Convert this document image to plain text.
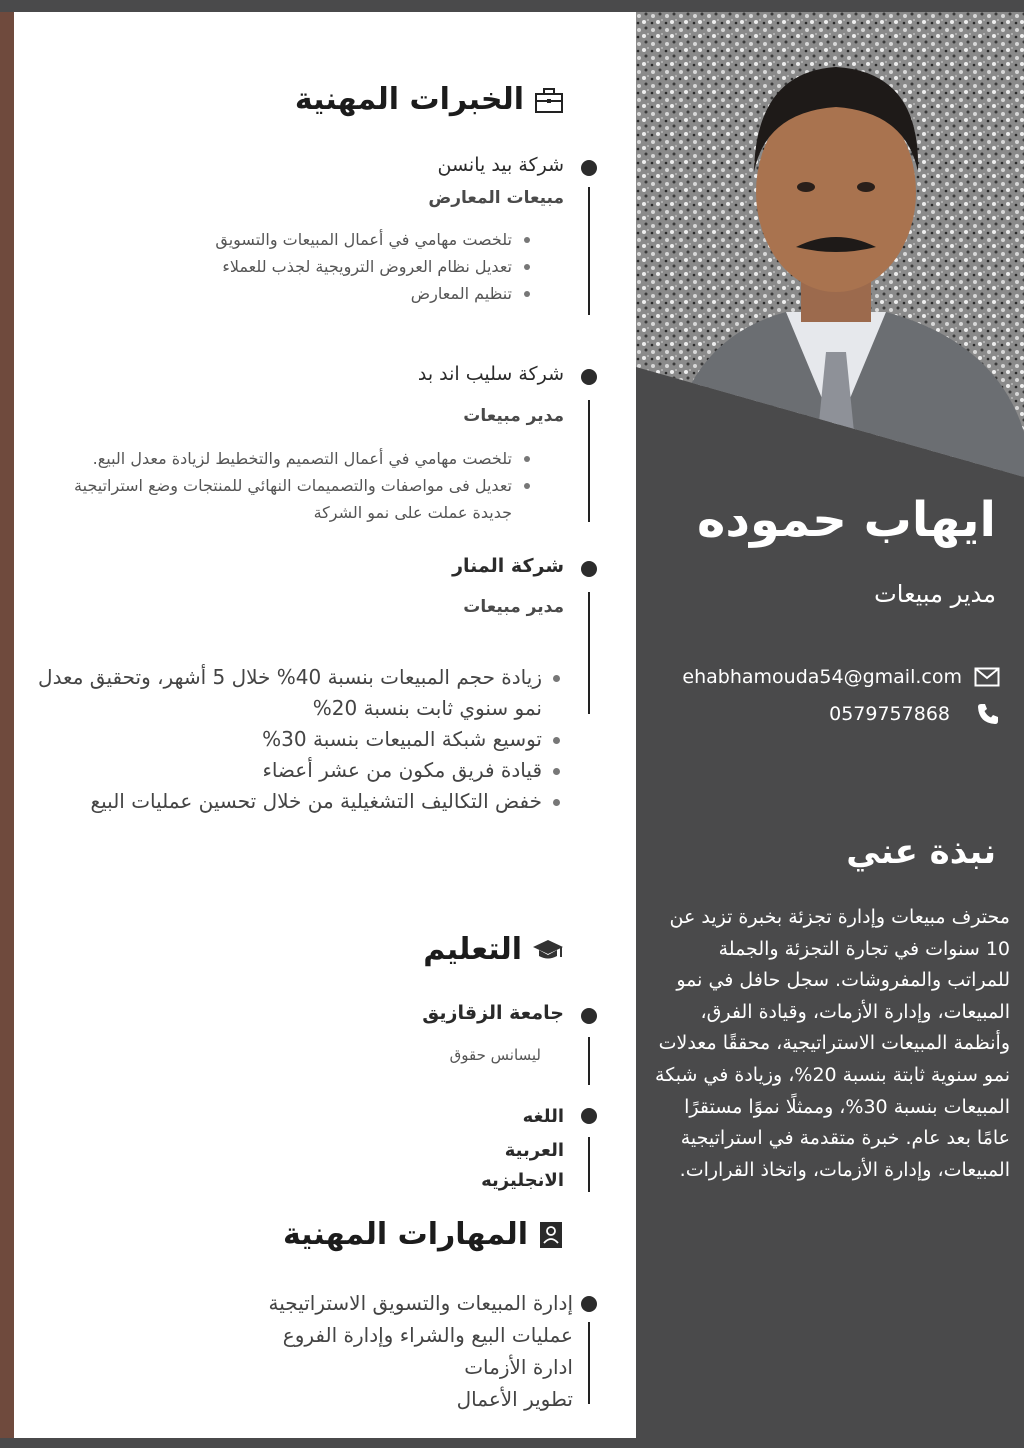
ايهاب حموده
مدير مبيعات
ehabhamouda54@gmail.com
0579757868
نبذة عني
محترف مبيعات وإدارة تجزئة بخبرة تزيد عن 10 سنوات في تجارة التجزئة والجملة للمراتب والمفروشات. سجل حافل في نمو المبيعات، وإدارة الأزمات، وقيادة الفرق، وأنظمة المبيعات الاستراتيجية، محققًا معدلات نمو سنوية ثابتة بنسبة 20%، وزيادة في شبكة المبيعات بنسبة 30%، وممثلًا نموًا مستقرًا عامًا بعد عام. خبرة متقدمة في استراتيجية المبيعات، وإدارة الأزمات، واتخاذ القرارات.
الخبرات المهنية
شركة بيد يانسن
مبيعات المعارض
تلخصت مهامي في أعمال المبيعات والتسويق
تعديل نظام العروض الترويجية لجذب للعملاء
تنظيم المعارض
شركة سليب اند بد
مدير مبيعات
تلخصت مهامي في أعمال التصميم والتخطيط لزيادة معدل البيع.
تعديل فى مواصفات والتصميمات النهائي للمنتجات وضع استراتيجية جديدة عملت على نمو الشركة
شركة المنار
مدير مبيعات
زيادة حجم المبيعات بنسبة 40% خلال 5 أشهر، وتحقيق معدل نمو سنوي ثابت بنسبة 20%
توسيع شبكة المبيعات بنسبة 30%
قيادة فريق مكون من عشر أعضاء
خفض التكاليف التشغيلية من خلال تحسين عمليات البيع
التعليم
جامعة الزقازيق
ليسانس حقوق
اللغه
العربية
الانجليزيه
المهارات المهنية
إدارة المبيعات والتسويق الاستراتيجية
عمليات البيع والشراء وإدارة الفروع
ادارة الأزمات
تطوير الأعمال
